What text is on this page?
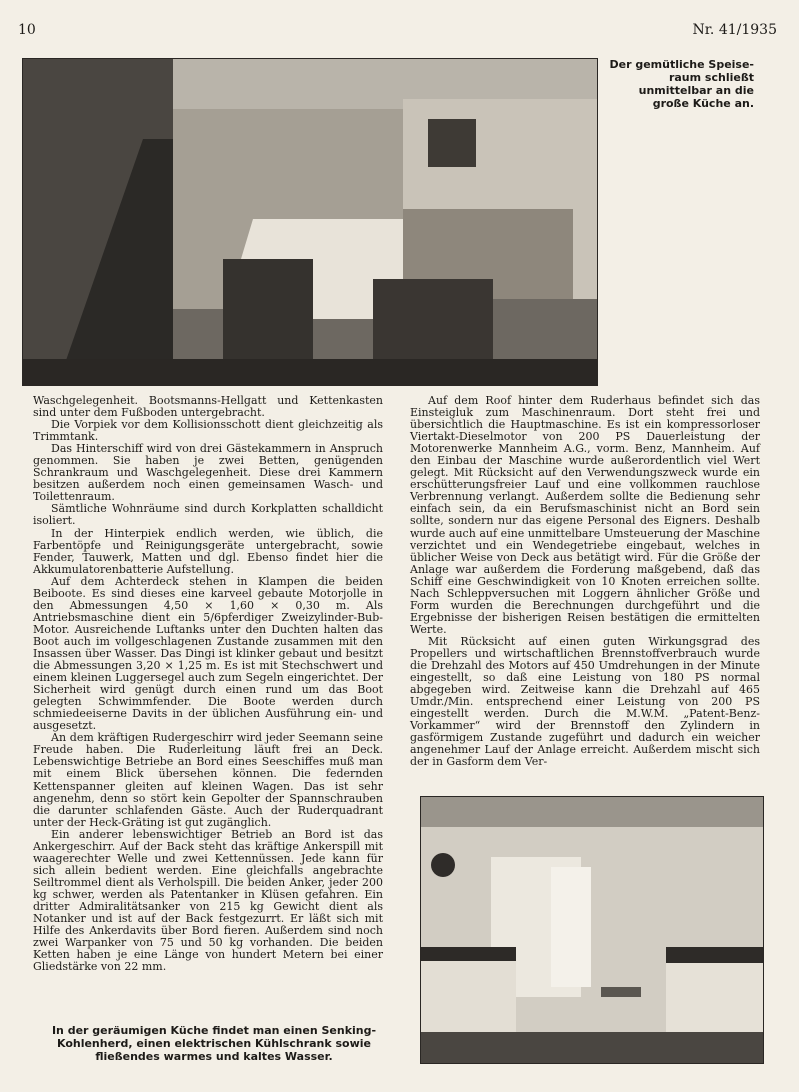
10	Nr. 41/1935
Der gemütliche Speise-raum schließt unmittelbar an die große Küche an.

Waschgelegenheit. Bootsmanns-Hellgatt und Kettenkasten sind unter dem Fußboden untergebracht.

Die Vorpiek vor dem Kollisionsschott dient gleichzeitig als Trimmtank.

Das Hinterschiff wird von drei Gästekammern in Anspruch genommen. Sie haben je zwei Betten, genügenden Schrankraum und Waschgelegenheit. Diese drei Kammern besitzen außerdem noch einen gemeinsamen Wasch- und Toilettenraum.

Sämtliche Wohnräume sind durch Korkplatten schalldicht isoliert.

In der Hinterpiek endlich werden, wie üblich, die Farbentöpfe und Reinigungsgeräte untergebracht, sowie Fender, Tauwerk, Matten und dgl. Ebenso findet hier die Akkumulatorenbatterie Aufstellung.

Auf dem Achterdeck stehen in Klampen die beiden Beiboote. Es sind dieses eine karveel gebaute Motorjolle in den Abmessungen 4,50 × 1,60 × 0,30 m. Als Antriebsmaschine dient ein 5/6pferdiger Zweizylinder-Bub-Motor. Ausreichende Luftanks unter den Duchten halten das Boot auch im vollgeschlagenen Zustande zusammen mit den Insassen über Wasser. Das Dingi ist klinker gebaut und besitzt die Abmessungen 3,20 × 1,25 m. Es ist mit Stechschwert und einem kleinen Luggersegel auch zum Segeln eingerichtet. Der Sicherheit wird genügt durch einen rund um das Boot gelegten Schwimmfender. Die Boote werden durch schmiedeeiserne Davits in der üblichen Ausführung ein- und ausgesetzt.

An dem kräftigen Rudergeschirr wird jeder Seemann seine Freude haben. Die Ruderleitung läuft frei an Deck. Lebenswichtige Betriebe an Bord eines Seeschiffes muß man mit einem Blick übersehen können. Die federnden Kettenspanner gleiten auf kleinen Wagen. Das ist sehr angenehm, denn so stört kein Gepolter der Spannschrauben die darunter schlafenden Gäste. Auch der Ruderquadrant unter der Heck-Gräting ist gut zugänglich.

Ein anderer lebenswichtiger Betrieb an Bord ist das Ankergeschirr. Auf der Back steht das kräftige Ankerspill mit waagerechter Welle und zwei Kettennüssen. Jede kann für sich allein bedient werden. Eine gleichfalls angebrachte Seiltrommel dient als Verholspill. Die beiden Anker, jeder 200 kg schwer, werden als Patentanker in Klüsen gefahren. Ein dritter Admiralitätsanker von 215 kg Gewicht dient als Notanker und ist auf der Back festgezurrt. Er läßt sich mit Hilfe des Ankerdavits über Bord fieren. Außerdem sind noch zwei Warpanker von 75 und 50 kg vorhanden. Die beiden Ketten haben je eine Länge von hundert Metern bei einer Gliedstärke von 22 mm.

Auf dem Roof hinter dem Ruderhaus befindet sich das Einsteigluk zum Maschinenraum. Dort steht frei und übersichtlich die Hauptmaschine. Es ist ein kompressorloser Viertakt-Dieselmotor von 200 PS Dauerleistung der Motorenwerke Mannheim A.G., vorm. Benz, Mannheim. Auf den Einbau der Maschine wurde außerordentlich viel Wert gelegt. Mit Rücksicht auf den Verwendungszweck wurde ein erschütterungsfreier Lauf und eine vollkommen rauchlose Verbrennung verlangt. Außerdem sollte die Bedienung sehr einfach sein, da ein Berufsmaschinist nicht an Bord sein sollte, sondern nur das eigene Personal des Eigners. Deshalb wurde auch auf eine unmittelbare Umsteuerung der Maschine verzichtet und ein Wendegetriebe eingebaut, welches in üblicher Weise von Deck aus betätigt wird. Für die Größe der Anlage war außerdem die Forderung maßgebend, daß das Schiff eine Geschwindigkeit von 10 Knoten erreichen sollte. Nach Schleppversuchen mit Loggern ähnlicher Größe und Form wurden die Berechnungen durchgeführt und die Ergebnisse der bisherigen Reisen bestätigen die ermittelten Werte.

Mit Rücksicht auf einen guten Wirkungsgrad des Propellers und wirtschaftlichen Brennstoffverbrauch wurde die Drehzahl des Motors auf 450 Umdrehungen in der Minute eingestellt, so daß eine Leistung von 180 PS normal abgegeben wird. Zeitweise kann die Drehzahl auf 465 Umdr./Min. entsprechend einer Leistung von 200 PS eingestellt werden. Durch die M.W.M. „Patent-Benz-Vorkammer“ wird der Brennstoff den Zylindern in gasförmigem Zustande zugeführt und dadurch ein weicher angenehmer Lauf der Anlage erreicht. Außerdem mischt sich der in Gasform dem Ver-

In der geräumigen Küche findet man einen Senking-Kohlenherd, einen elektrischen Kühlschrank sowie fließendes warmes und kaltes Wasser.
